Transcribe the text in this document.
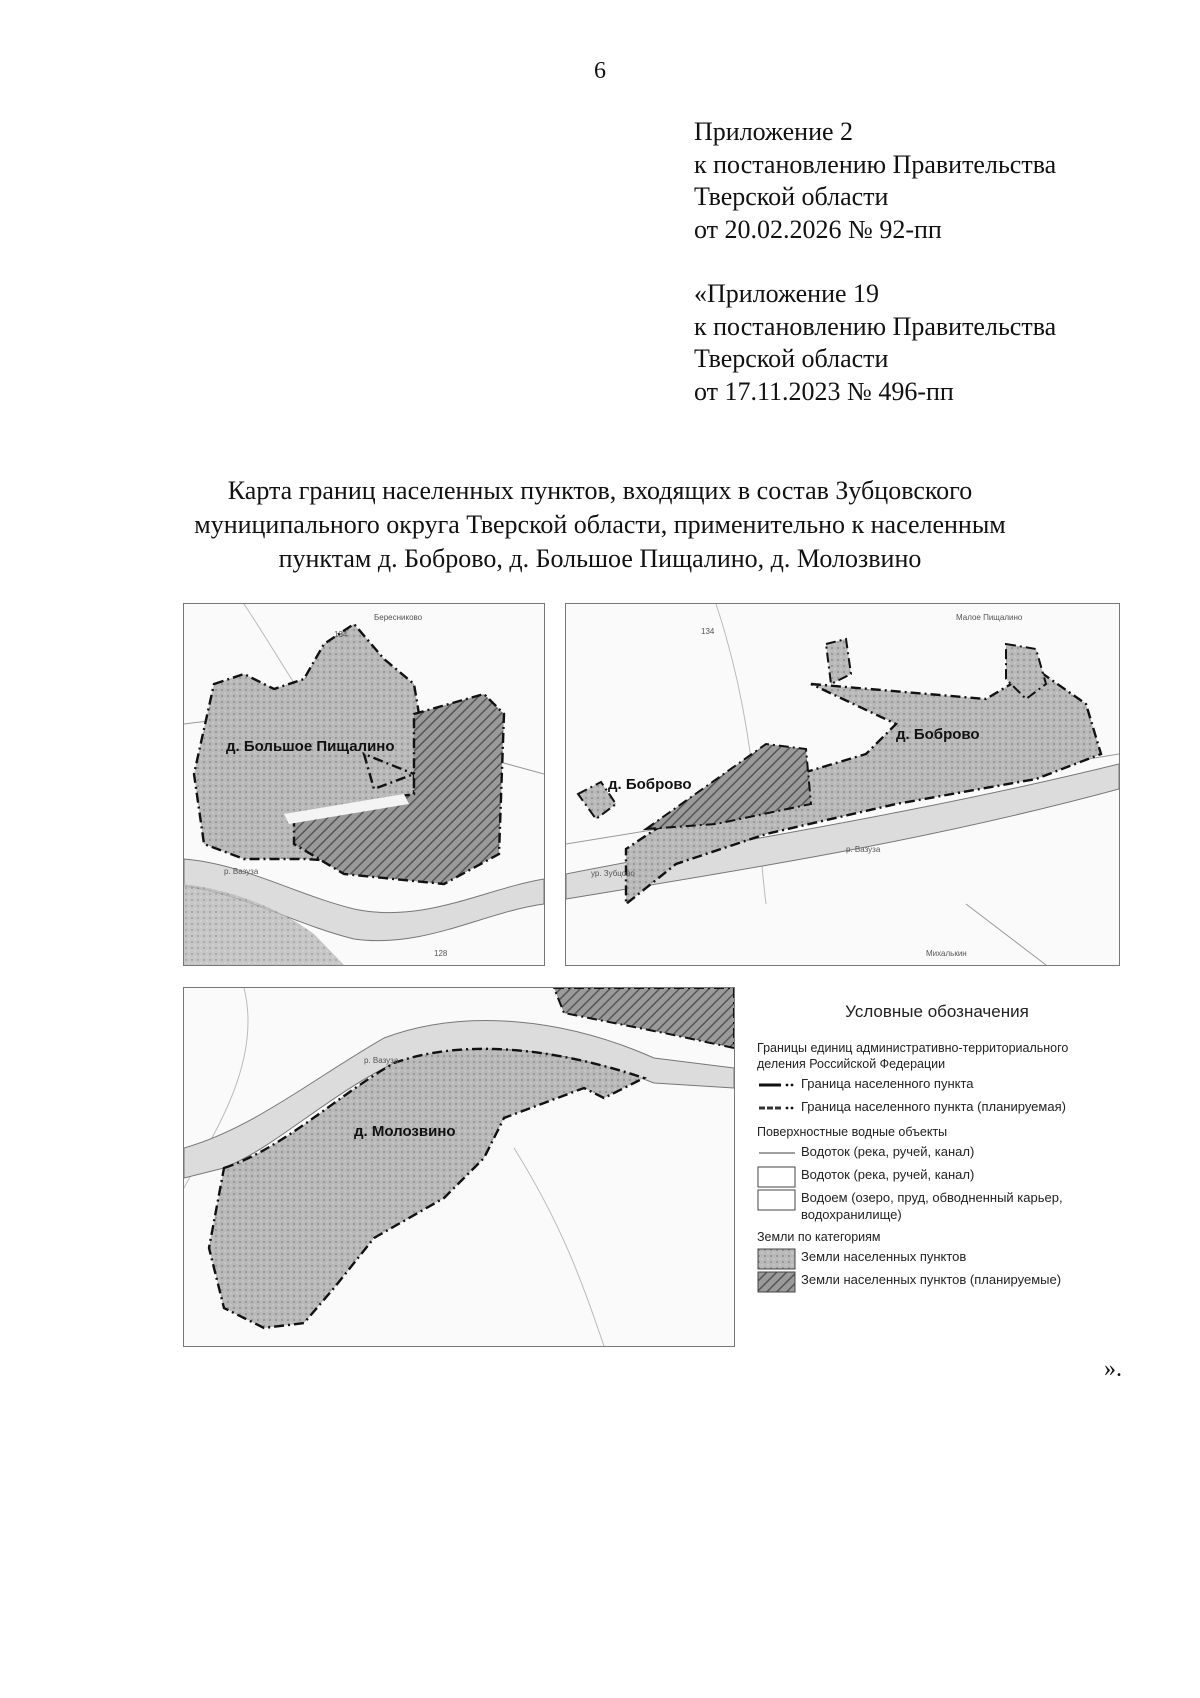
6
Приложение 2
к постановлению Правительства
Тверской области
от 20.02.2026 № 92-пп
«Приложение 19
к постановлению Правительства
Тверской области
от 17.11.2023 № 496-пп
Карта границ населенных пунктов, входящих в состав Зубцовского
муниципального округа Тверской области, применительно к населенным
пунктам д. Боброво, д. Большое Пищалино, д. Молозвино
д. Большое Пищалино
Бересниково
134
128
р. Вазуза
д. Боброво
д. Боброво
Малое Пищалино
Михалькин
ур. Зубцово
134
р. Вазуза
д. Молозвино
р. Вазуза
Условные обозначения
Границы единиц административно-территориального деления Российской Федерации
Граница населенного пункта
Граница населенного пункта (планируемая)
Поверхностные водные объекты
Водоток (река, ручей, канал)
Водоток (река, ручей, канал)
Водоем (озеро, пруд, обводненный карьер, водохранилище)
Земли по категориям
Земли населенных пунктов
Земли населенных пунктов (планируемые)
».
